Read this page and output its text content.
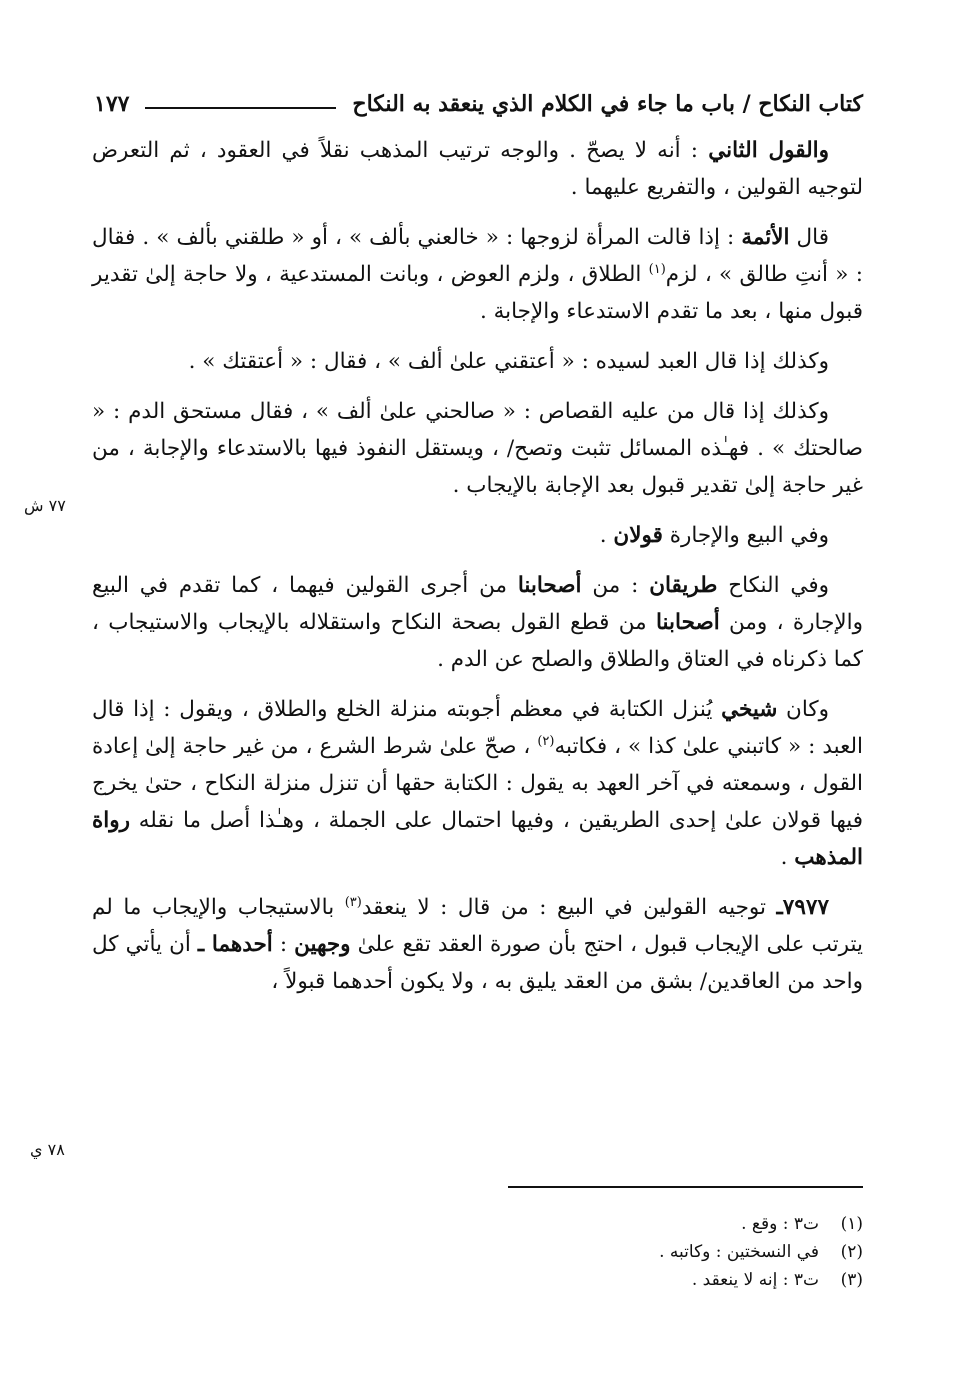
كتاب النكاح / باب ما جاء في الكلام الذي ينعقد به النكاح
١٧٧

والقول الثاني : أنه لا يصحّ . والوجه ترتيب المذهب نقلاً في العقود ، ثم التعرض لتوجيه القولين ، والتفريع عليهما .

قال الأئمة : إذا قالت المرأة لزوجها : « خالعني بألف » ، أو « طلقني بألف » . فقال : « أنتِ طالق » ، لزم$^{(١)}$ الطلاق ، ولزم العوض ، وبانت المستدعية ، ولا حاجة إلىٰ تقدير قبول منها ، بعد ما تقدم الاستدعاء والإجابة .

وكذلك إذا قال العبد لسيده : « أعتقني علىٰ ألف » ، فقال : « أعتقتك » .

وكذلك إذا قال من عليه القصاص : « صالحني علىٰ ألف » ، فقال مستحق الدم : « صالحتك » . فهـٰذه المسائل تثبت وتصح/ ، ويستقل النفوذ فيها بالاستدعاء والإجابة ، من غير حاجة إلىٰ تقدير قبول بعد الإجابة بالإيجاب .

وفي البيع والإجارة قولان .

وفي النكاح طريقان : من أصحابنا من أجرى القولين فيهما ، كما تقدم في البيع والإجارة ، ومن أصحابنا من قطع القول بصحة النكاح واستقلاله بالإيجاب والاستيجاب ، كما ذكرناه في العتاق والطلاق والصلح عن الدم .

وكان شيخي يُنزل الكتابة في معظم أجوبته منزلة الخلع والطلاق ، ويقول : إذا قال العبد : « كاتبني علىٰ كذا » ، فكاتبه$^{(٢)}$ ، صحّ علىٰ شرط الشرع ، من غير حاجة إلىٰ إعادة القول ، وسمعته في آخر العهد به يقول : الكتابة حقها أن تنزل منزلة النكاح ، حتىٰ يخرج فيها قولان علىٰ إحدى الطريقين ، وفيها احتمال على الجملة ، وهـٰذا أصل ما نقله رواة المذهب .

٧٩٧٧ـ توجيه القولين في البيع : من قال : لا ينعقد$^{(٣)}$ بالاستيجاب والإيجاب ما لم يترتب على الإيجاب قبول ، احتج بأن صورة العقد تقع علىٰ وجهين : أحدهما ـ أن يأتي كل واحد من العاقدين/ بشق من العقد يليق به ، ولا يكون أحدهما قبولاً ،

٧٧ ش
٧٨ ي
(١)
ت٣ : وقع .
(٢)
في النسختين : وكاتبه .
(٣)
ت٣ : إنه لا ينعقد .
